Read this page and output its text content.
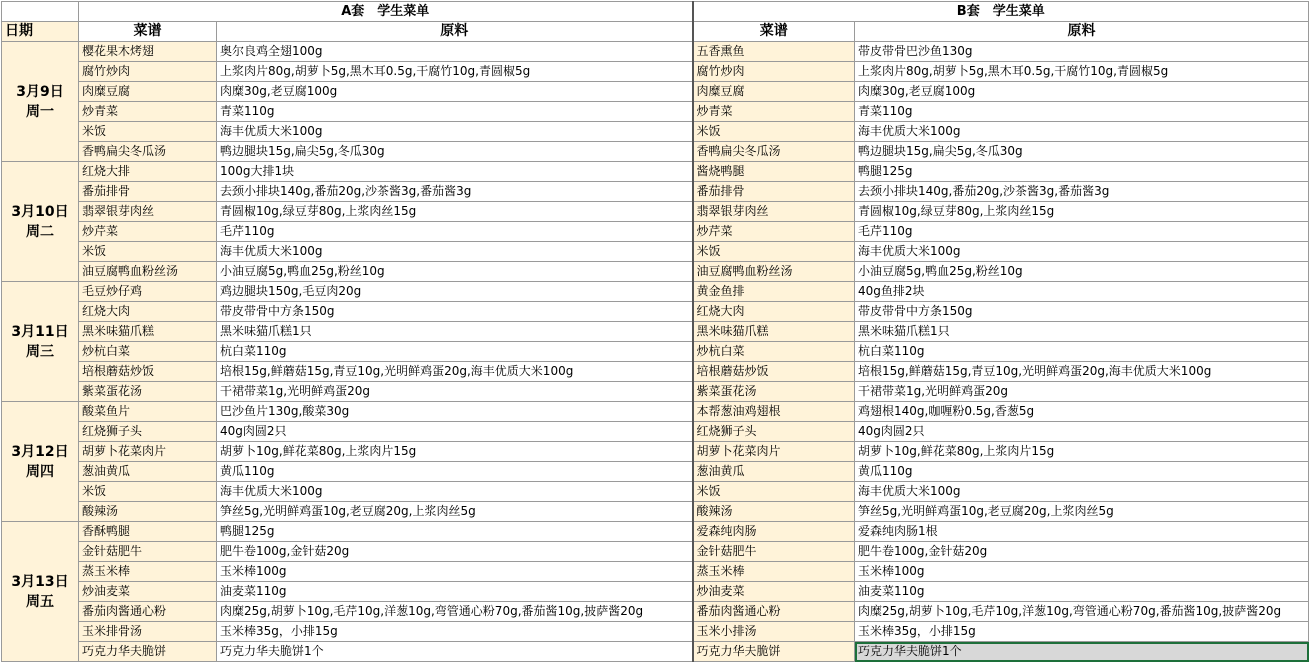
	A套　学生菜单		B套　学生菜单	
日期	菜谱	原料	菜谱	原料

3月9日
周一	樱花果木烤翅	奥尔良鸡全翅100g	五香熏鱼	带皮带骨巴沙鱼130g
	腐竹炒肉	上浆肉片80g,胡萝卜5g,黑木耳0.5g,干腐竹10g,青圆椒5g	腐竹炒肉	上浆肉片80g,胡萝卜5g,黑木耳0.5g,干腐竹10g,青圆椒5g
	肉糜豆腐	肉糜30g,老豆腐100g	肉糜豆腐	肉糜30g,老豆腐100g
	炒青菜	青菜110g	炒青菜	青菜110g
	米饭	海丰优质大米100g	米饭	海丰优质大米100g
	香鸭扁尖冬瓜汤	鸭边腿块15g,扁尖5g,冬瓜30g	香鸭扁尖冬瓜汤	鸭边腿块15g,扁尖5g,冬瓜30g

3月10日
周二	红烧大排	100g大排1块	酱烧鸭腿	鸭腿125g
	番茄排骨	去颈小排块140g,番茄20g,沙茶酱3g,番茄酱3g	番茄排骨	去颈小排块140g,番茄20g,沙茶酱3g,番茄酱3g
	翡翠银芽肉丝	青圆椒10g,绿豆芽80g,上浆肉丝15g	翡翠银芽肉丝	青圆椒10g,绿豆芽80g,上浆肉丝15g
	炒芹菜	毛芹110g	炒芹菜	毛芹110g
	米饭	海丰优质大米100g	米饭	海丰优质大米100g
	油豆腐鸭血粉丝汤	小油豆腐5g,鸭血25g,粉丝10g	油豆腐鸭血粉丝汤	小油豆腐5g,鸭血25g,粉丝10g

3月11日
周三	毛豆炒仔鸡	鸡边腿块150g,毛豆肉20g	黄金鱼排	40g鱼排2块
	红烧大肉	带皮带骨中方条150g	红烧大肉	带皮带骨中方条150g
	黑米味猫爪糕	黑米味猫爪糕1只	黑米味猫爪糕	黑米味猫爪糕1只
	炒杭白菜	杭白菜110g	炒杭白菜	杭白菜110g
	培根蘑菇炒饭	培根15g,鲜蘑菇15g,青豆10g,光明鲜鸡蛋20g,海丰优质大米100g	培根蘑菇炒饭	培根15g,鲜蘑菇15g,青豆10g,光明鲜鸡蛋20g,海丰优质大米100g
	紫菜蛋花汤	干裙带菜1g,光明鲜鸡蛋20g	紫菜蛋花汤	干裙带菜1g,光明鲜鸡蛋20g

3月12日
周四	酸菜鱼片	巴沙鱼片130g,酸菜30g	本帮葱油鸡翅根	鸡翅根140g,咖喱粉0.5g,香葱5g
	红烧狮子头	40g肉圆2只	红烧狮子头	40g肉圆2只
	胡萝卜花菜肉片	胡萝卜10g,鲜花菜80g,上浆肉片15g	胡萝卜花菜肉片	胡萝卜10g,鲜花菜80g,上浆肉片15g
	葱油黄瓜	黄瓜110g	葱油黄瓜	黄瓜110g
	米饭	海丰优质大米100g	米饭	海丰优质大米100g
	酸辣汤	笋丝5g,光明鲜鸡蛋10g,老豆腐20g,上浆肉丝5g	酸辣汤	笋丝5g,光明鲜鸡蛋10g,老豆腐20g,上浆肉丝5g

3月13日
周五	香酥鸭腿	鸭腿125g	爱森纯肉肠	爱森纯肉肠1根
	金针菇肥牛	肥牛卷100g,金针菇20g	金针菇肥牛	肥牛卷100g,金针菇20g
	蒸玉米棒	玉米棒100g	蒸玉米棒	玉米棒100g
	炒油麦菜	油麦菜110g	炒油麦菜	油麦菜110g
	番茄肉酱通心粉	肉糜25g,胡萝卜10g,毛芹10g,洋葱10g,弯管通心粉70g,番茄酱10g,披萨酱20g	番茄肉酱通心粉	肉糜25g,胡萝卜10g,毛芹10g,洋葱10g,弯管通心粉70g,番茄酱10g,披萨酱20g
	玉米排骨汤	玉米棒35g，小排15g	玉米小排汤	玉米棒35g，小排15g
	巧克力华夫脆饼	巧克力华夫脆饼1个	巧克力华夫脆饼	巧克力华夫脆饼1个
